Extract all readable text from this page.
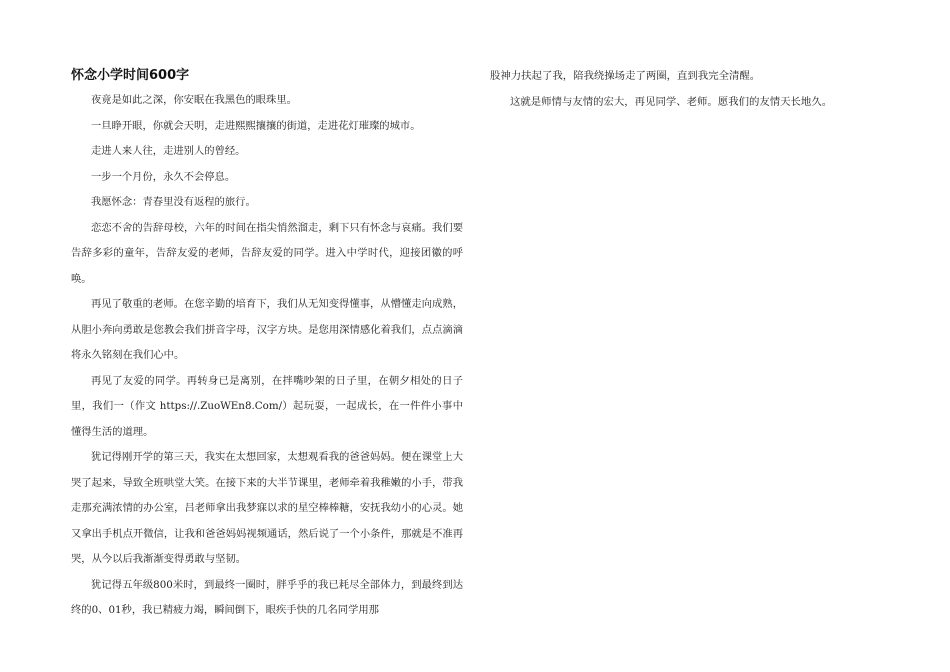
怀念小学时间600字

夜竟是如此之深，你安眠在我黑色的眼珠里。

一旦睁开眼，你就会天明，走进熙熙攘攘的街道，走进花灯璀璨的城市。

走进人来人往，走进别人的曾经。

一步一个月份，永久不会停息。

我愿怀念：青春里没有返程的旅行。

恋恋不舍的告辞母校，六年的时间在指尖悄然溜走，剩下只有怀念与哀痛。我们要告辞多彩的童年，告辞友爱的老师，告辞友爱的同学。进入中学时代，迎接团徽的呼唤。

再见了敬重的老师。在您辛勤的培育下，我们从无知变得懂事，从懵懂走向成熟，从胆小奔向勇敢是您教会我们拼音字母，汉字方块。是您用深情感化着我们，点点滴滴将永久铭刻在我们心中。

再见了友爱的同学。再转身已是离别，在拌嘴吵架的日子里，在朝夕相处的日子里，我们一（作文 https://.ZuoWEn8.Com/）起玩耍，一起成长，在一件件小事中懂得生活的道理。

犹记得刚开学的第三天，我实在太想回家，太想观看我的爸爸妈妈。便在课堂上大哭了起来，导致全班哄堂大笑。在接下来的大半节课里，老师牵着我稚嫩的小手，带我走那充满浓情的办公室，吕老师拿出我梦寐以求的星空棒棒糖，安抚我幼小的心灵。她又拿出手机点开微信，让我和爸爸妈妈视频通话，然后说了一个小条件，那就是不准再哭，从今以后我渐渐变得勇敢与坚韧。

犹记得五年级800米时，到最终一圈时，胖乎乎的我已耗尽全部体力，到最终到达终的0、01秒，我已精疲力竭，瞬间倒下，眼疾手快的几名同学用那

股神力扶起了我，陪我绕操场走了两圈，直到我完全清醒。

这就是师情与友情的宏大，再见同学、老师。愿我们的友情天长地久。
